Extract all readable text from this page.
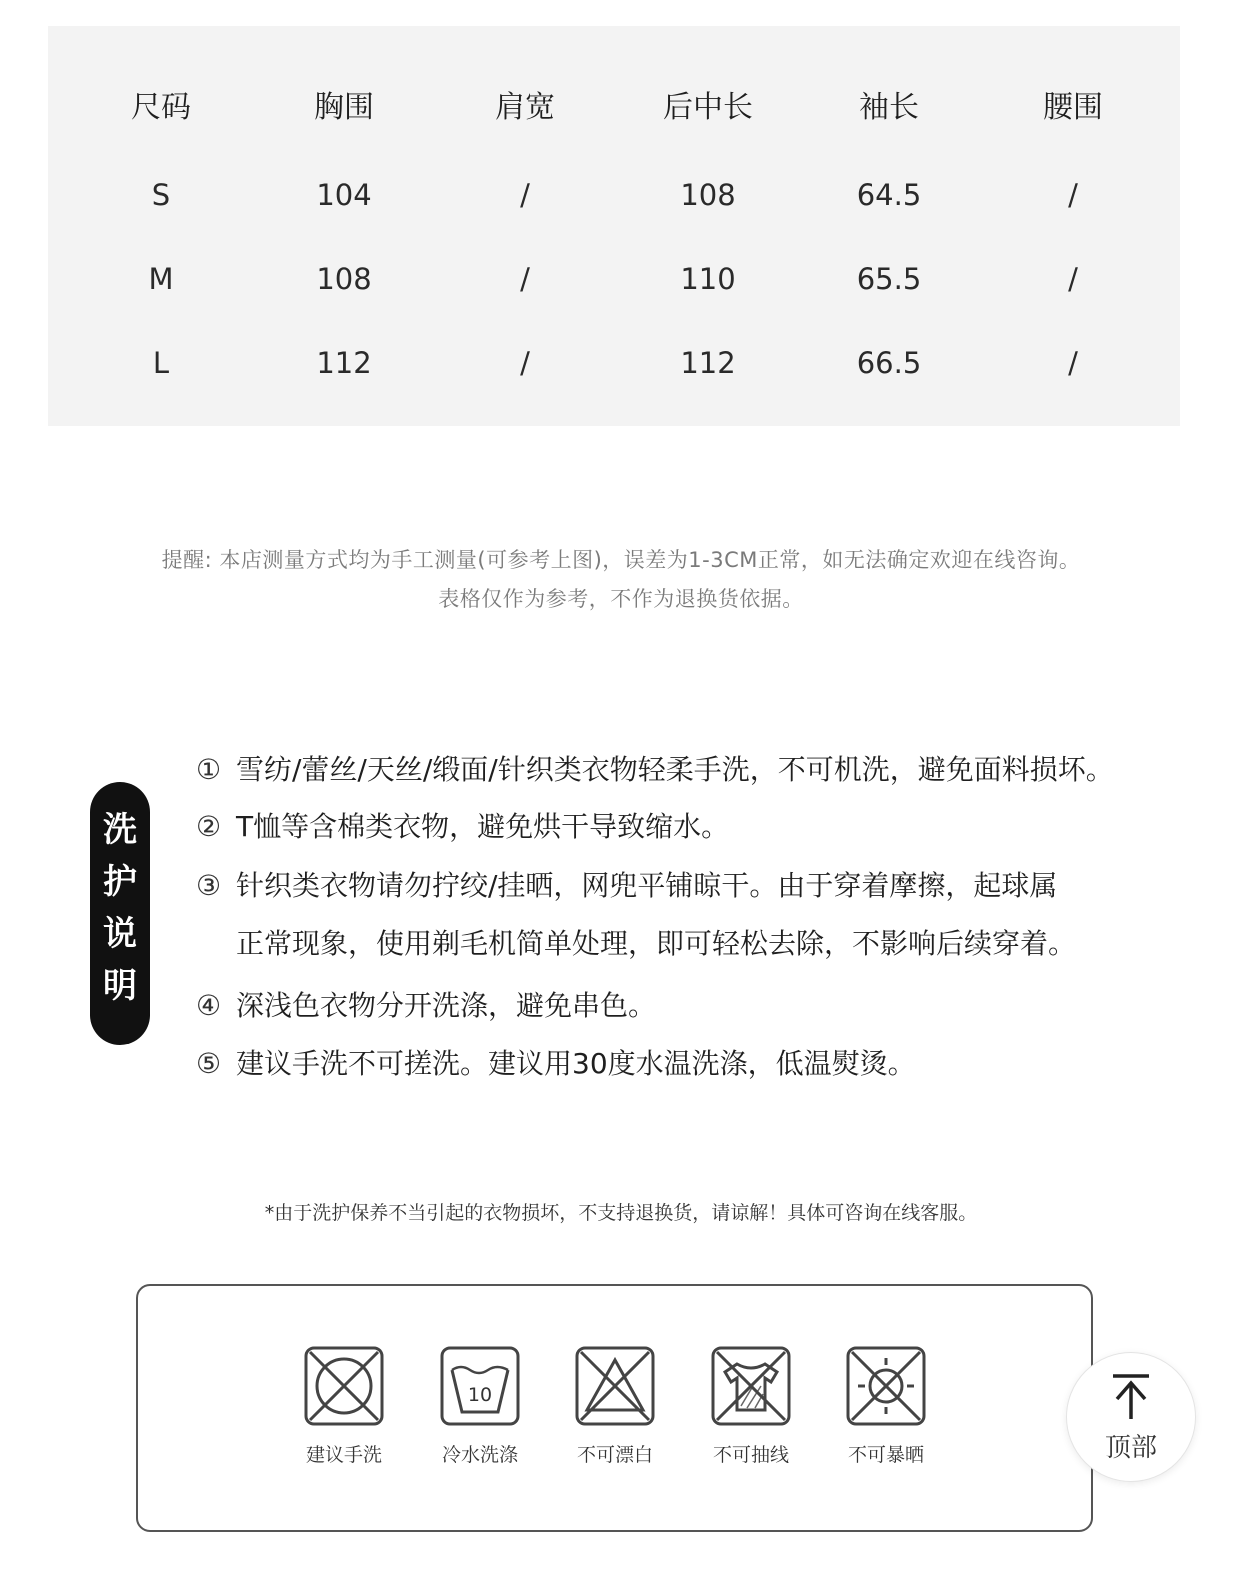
尺码	胸围	肩宽	后中长	袖长	腰围
S	104	/	108	64.5	/
M	108	/	110	65.5	/
L	112	/	112	66.5	/
提醒: 本店测量方式均为手工测量(可参考上图)，误差为1-3CM正常，如无法确定欢迎在线咨询。
表格仅作为参考，不作为退换货依据。
洗
护
说
明
① 雪纺/蕾丝/天丝/缎面/针织类衣物轻柔手洗，不可机洗，避免面料损坏。
② T恤等含棉类衣物，避免烘干导致缩水。
③ 针织类衣物请勿拧绞/挂晒，网兜平铺晾干。由于穿着摩擦，起球属
正常现象，使用剃毛机简单处理，即可轻松去除，不影响后续穿着。
④ 深浅色衣物分开洗涤，避免串色。
⑤ 建议手洗不可搓洗。建议用30度水温洗涤，低温熨烫。
*由于洗护保养不当引起的衣物损坏，不支持退换货，请谅解！具体可咨询在线客服。
建议手洗
10
冷水洗涤	不可漂白	不可抽线	不可暴晒	顶部
